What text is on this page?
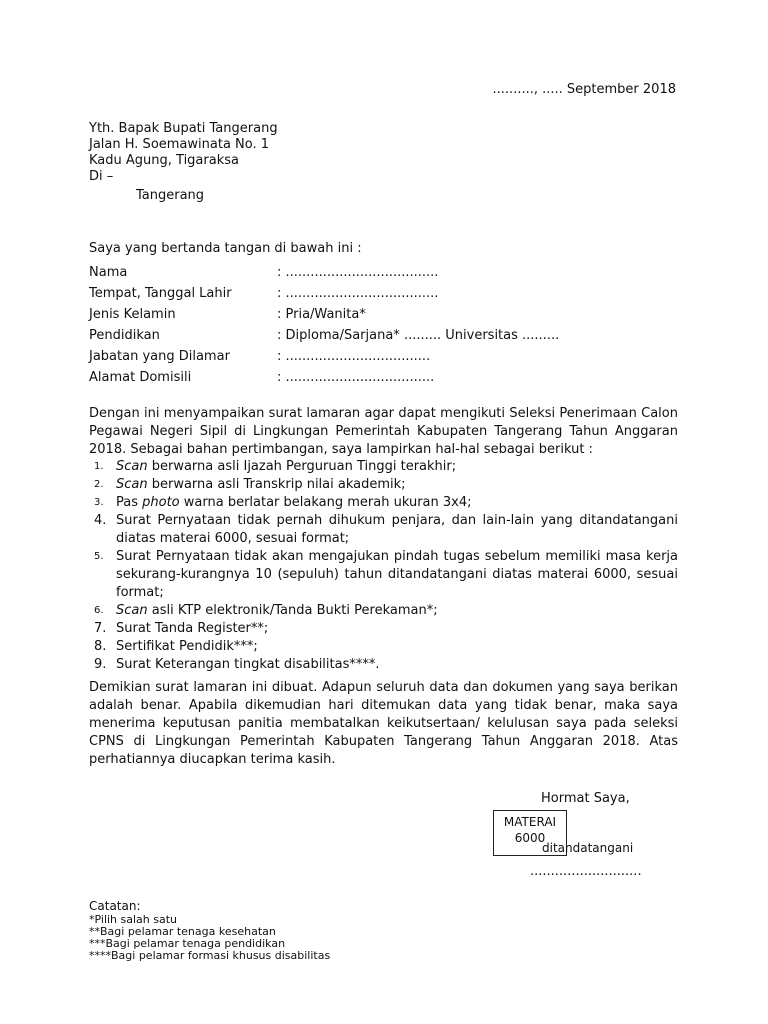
.........., ..... September 2018
Yth. Bapak Bupati Tangerang
Jalan H. Soemawinata No. 1
Kadu Agung, Tigaraksa
Di –
Tangerang
Saya yang bertanda tangan di bawah ini :
Nama	: .....................................
Tempat, Tanggal Lahir	: .....................................
Jenis Kelamin	: Pria/Wanita*
Pendidikan	: Diploma/Sarjana* ......... Universitas .........
Jabatan yang Dilamar	: ...................................
Alamat Domisili	: ....................................
Dengan ini menyampaikan surat lamaran agar dapat mengikuti Seleksi Penerimaan Calon Pegawai Negeri Sipil di Lingkungan Pemerintah Kabupaten Tangerang Tahun Anggaran 2018. Sebagai bahan pertimbangan, saya lampirkan hal-hal sebagai berikut :
1. Scan berwarna asli Ijazah Perguruan Tinggi terakhir;
2. Scan berwarna asli Transkrip nilai akademik;
3. Pas photo warna berlatar belakang merah ukuran 3x4;
4. Surat Pernyataan tidak pernah dihukum penjara, dan lain-lain yang ditandatangani diatas materai 6000, sesuai format;
5. Surat Pernyataan tidak akan mengajukan pindah tugas sebelum memiliki masa kerja sekurang-kurangnya 10 (sepuluh) tahun ditandatangani diatas materai 6000, sesuai format;
6. Scan asli KTP elektronik/Tanda Bukti Perekaman*;
7. Surat Tanda Register**;
8. Sertifikat Pendidik***;
9. Surat Keterangan tingkat disabilitas****.
Demikian surat lamaran ini dibuat. Adapun seluruh data dan dokumen yang saya berikan adalah benar. Apabila dikemudian hari ditemukan data yang tidak benar, maka saya menerima keputusan panitia membatalkan keikutsertaan/ kelulusan saya pada seleksi CPNS di Lingkungan Pemerintah Kabupaten Tangerang Tahun Anggaran 2018. Atas perhatiannya diucapkan terima kasih.
Hormat Saya,
MATERAI
6000
ditandatangani
...........................
Catatan:
*Pilih salah satu
**Bagi pelamar tenaga kesehatan
***Bagi pelamar tenaga pendidikan
****Bagi pelamar formasi khusus disabilitas
